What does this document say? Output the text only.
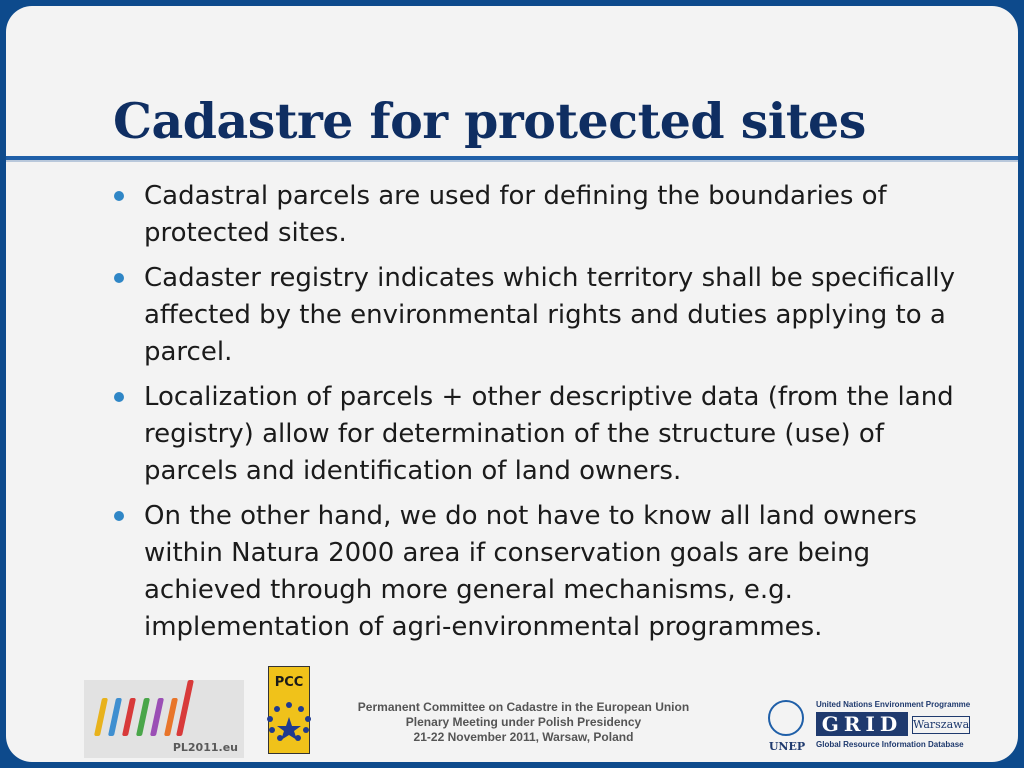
Cadastre for protected sites
Cadastral parcels are used for defining the boundaries of protected sites.
Cadaster registry indicates which territory shall be specifically affected by the environmental rights and duties applying to a parcel.
Localization of parcels + other descriptive data (from the land registry) allow for determination of the structure (use) of parcels and identification of land owners.
On the other hand, we do not have to know all land owners within Natura 2000 area if conservation goals are being achieved through more general mechanisms, e.g. implementation of agri-environmental programmes.
PL2011.eu
PCC
Permanent Committee on Cadastre in the European Union
Plenary Meeting under Polish Presidency
21-22 November 2011, Warsaw, Poland
UNEP
United Nations Environment Programme
GRID Warszawa
Global Resource Information Database
